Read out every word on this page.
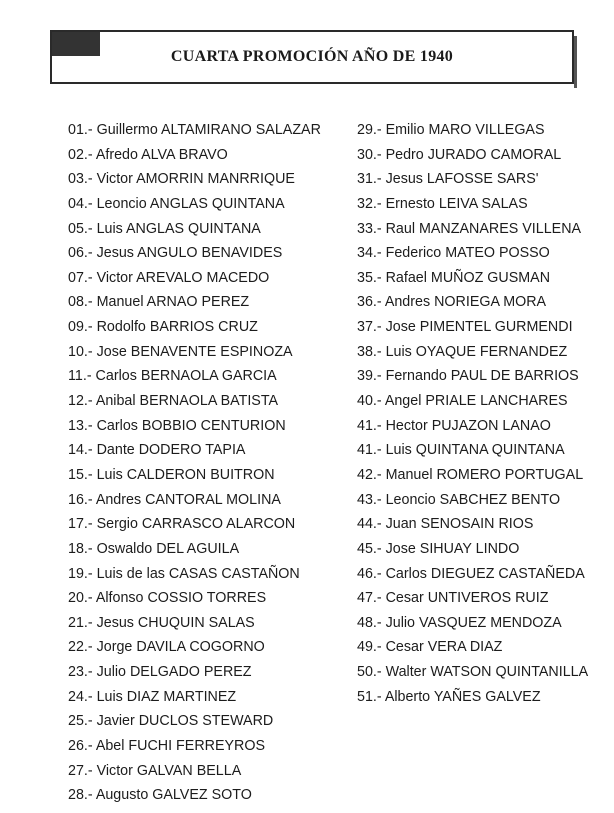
CUARTA PROMOCIÓN AÑO DE 1940
01.- Guillermo ALTAMIRANO SALAZAR
02.- Afredo ALVA BRAVO
03.- Victor AMORRIN MANRRIQUE
04.- Leoncio ANGLAS QUINTANA
05.- Luis ANGLAS QUINTANA
06.- Jesus ANGULO BENAVIDES
07.- Victor AREVALO MACEDO
08.- Manuel ARNAO PEREZ
09.- Rodolfo BARRIOS CRUZ
10.- Jose BENAVENTE ESPINOZA
11.- Carlos BERNAOLA GARCIA
12.- Anibal BERNAOLA BATISTA
13.- Carlos BOBBIO CENTURION
14.- Dante DODERO TAPIA
15.- Luis CALDERON BUITRON
16.- Andres CANTORAL MOLINA
17.- Sergio CARRASCO ALARCON
18.- Oswaldo DEL AGUILA
19.- Luis de las CASAS CASTAÑON
20.- Alfonso COSSIO TORRES
21.- Jesus CHUQUIN SALAS
22.- Jorge DAVILA COGORNO
23.- Julio DELGADO PEREZ
24.- Luis DIAZ MARTINEZ
25.- Javier DUCLOS STEWARD
26.- Abel FUCHI FERREYROS
27.- Victor GALVAN BELLA
28.- Augusto GALVEZ SOTO
29.- Emilio MARO VILLEGAS
30.- Pedro JURADO CAMORAL
31.- Jesus LAFOSSE SARS'
32.- Ernesto LEIVA SALAS
33.- Raul MANZANARES VILLENA
34.- Federico MATEO POSSO
35.- Rafael MUÑOZ GUSMAN
36.- Andres NORIEGA MORA
37.- Jose PIMENTEL GURMENDI
38.- Luis OYAQUE FERNANDEZ
39.- Fernando PAUL DE BARRIOS
40.- Angel PRIALE LANCHARES
41.- Hector PUJAZON LANAO
41.- Luis QUINTANA QUINTANA
42.- Manuel ROMERO PORTUGAL
43.- Leoncio SABCHEZ BENTO
44.- Juan SENOSAIN RIOS
45.- Jose SIHUAY LINDO
46.- Carlos DIEGUEZ CASTAÑEDA
47.- Cesar UNTIVEROS RUIZ
48.- Julio VASQUEZ MENDOZA
49.- Cesar VERA DIAZ
50.- Walter WATSON QUINTANILLA
51.- Alberto YAÑES GALVEZ
